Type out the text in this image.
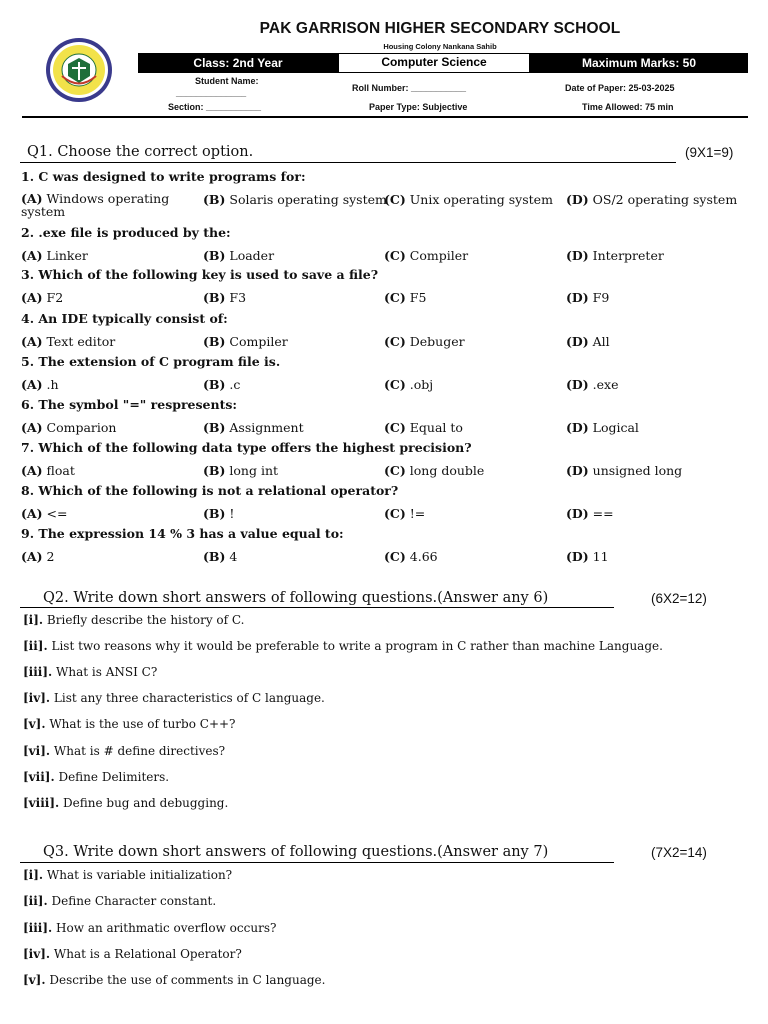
PAK GARRISON HIGHER SECONDARY SCHOOL
Housing Colony Nankana Sahib
Class: 2nd Year	Computer Science	Maximum Marks: 50
Student Name:
______________
Section: ___________
Roll Number: ___________
Paper Type: Subjective
Date of Paper: 25-03-2025
Time Allowed: 75 min
Q1. Choose the correct option.	(9X1=9)
1. C was designed to write programs for:
(A) Windows operating system
(B) Solaris operating system
(C) Unix operating system (D) OS/2 operating system
2. .exe file is produced by the:
(A) Linker	(B) Loader	(C) Compiler	(D) Interpreter
3. Which of the following key is used to save a file?
(A) F2	(B) F3	(C) F5	(D) F9
4. An IDE typically consist of:
(A) Text editor	(B) Compiler	(C) Debuger	(D) All
5. The extension of C program file is.
(A) .h	(B) .c	(C) .obj	(D) .exe
6. The symbol "=" respresents:
(A) Comparion	(B) Assignment	(C) Equal to	(D) Logical
7. Which of the following data type offers the highest precision?
(A) float	(B) long int	(C) long double	(D) unsigned long
8. Which of the following is not a relational operator?
(A) <=	(B) !	(C) !=	(D) ==
9. The expression 14 % 3 has a value equal to:
(A) 2	(B) 4	(C) 4.66	(D) 11
Q2. Write down short answers of following questions.(Answer any 6)	(6X2=12)
[i]. Briefly describe the history of C.
[ii]. List two reasons why it would be preferable to write a program in C rather than machine Language.
[iii]. What is ANSI C?
[iv]. List any three characteristics of C language.
[v]. What is the use of turbo C++?
[vi]. What is # define directives?
[vii]. Define Delimiters.
[viii]. Define bug and debugging.
Q3. Write down short answers of following questions.(Answer any 7)	(7X2=14)
[i]. What is variable initialization?
[ii]. Define Character constant.
[iii]. How an arithmatic overflow occurs?
[iv]. What is a Relational Operator?
[v]. Describe the use of comments in C language.
